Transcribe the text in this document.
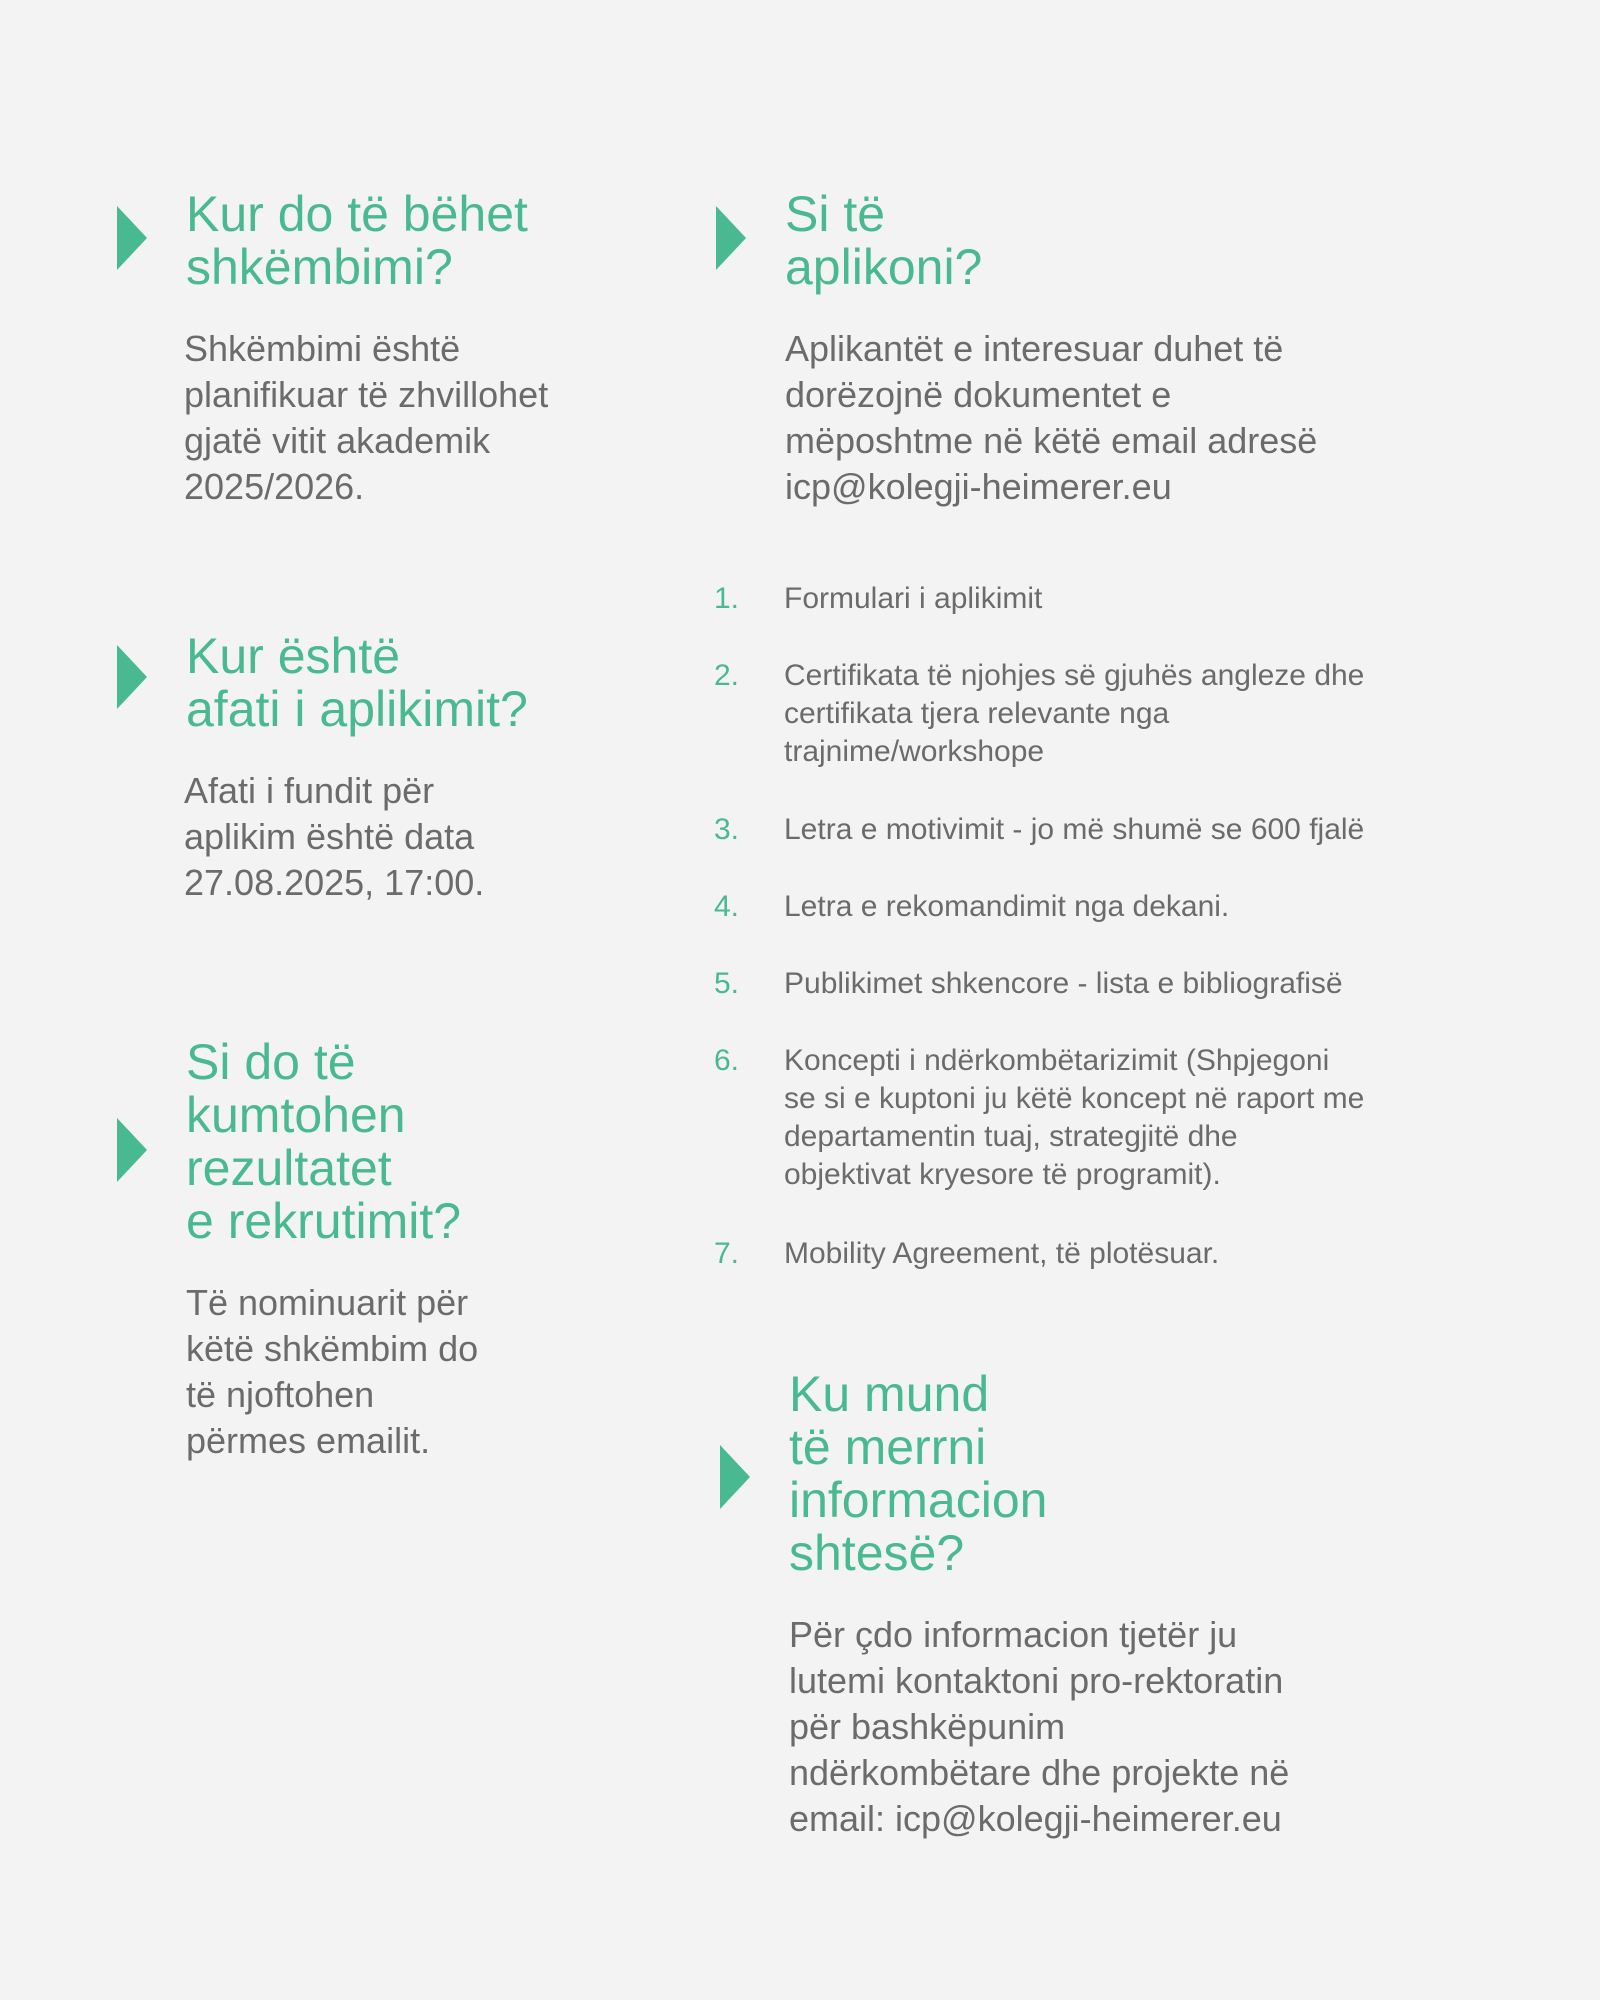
Kur do të bëhet
shkëmbimi?

Shkëmbimi është
planifikuar të zhvillohet
gjatë vitit akademik
2025/2026.

Kur është
afati i aplikimit?

Afati i fundit për
aplikim është data
27.08.2025, 17:00.

Si do të
kumtohen
rezultatet
e rekrutimit?

Të nominuarit për
këtë shkëmbim do
të njoftohen
përmes emailit.

Si të
aplikoni?

Aplikantët e interesuar duhet të
dorëzojnë dokumentet e
mëposhtme në këtë email adresë
icp@kolegji-heimerer.eu

1. Formulari i aplikimit
2. Certifikata të njohjes së gjuhës angleze dhe
certifikata tjera relevante nga
trajnime/workshope
3. Letra e motivimit - jo më shumë se 600 fjalë
4. Letra e rekomandimit nga dekani.
5. Publikimet shkencore - lista e bibliografisë
6. Koncepti i ndërkombëtarizimit (Shpjegoni
se si e kuptoni ju këtë koncept në raport me
departamentin tuaj, strategjitë dhe
objektivat kryesore të programit).
7. Mobility Agreement, të plotësuar.
Ku mund
të merrni
informacion
shtesë?

Për çdo informacion tjetër ju
lutemi kontaktoni pro-rektoratin
për bashkëpunim
ndërkombëtare dhe projekte në
email: icp@kolegji-heimerer.eu
